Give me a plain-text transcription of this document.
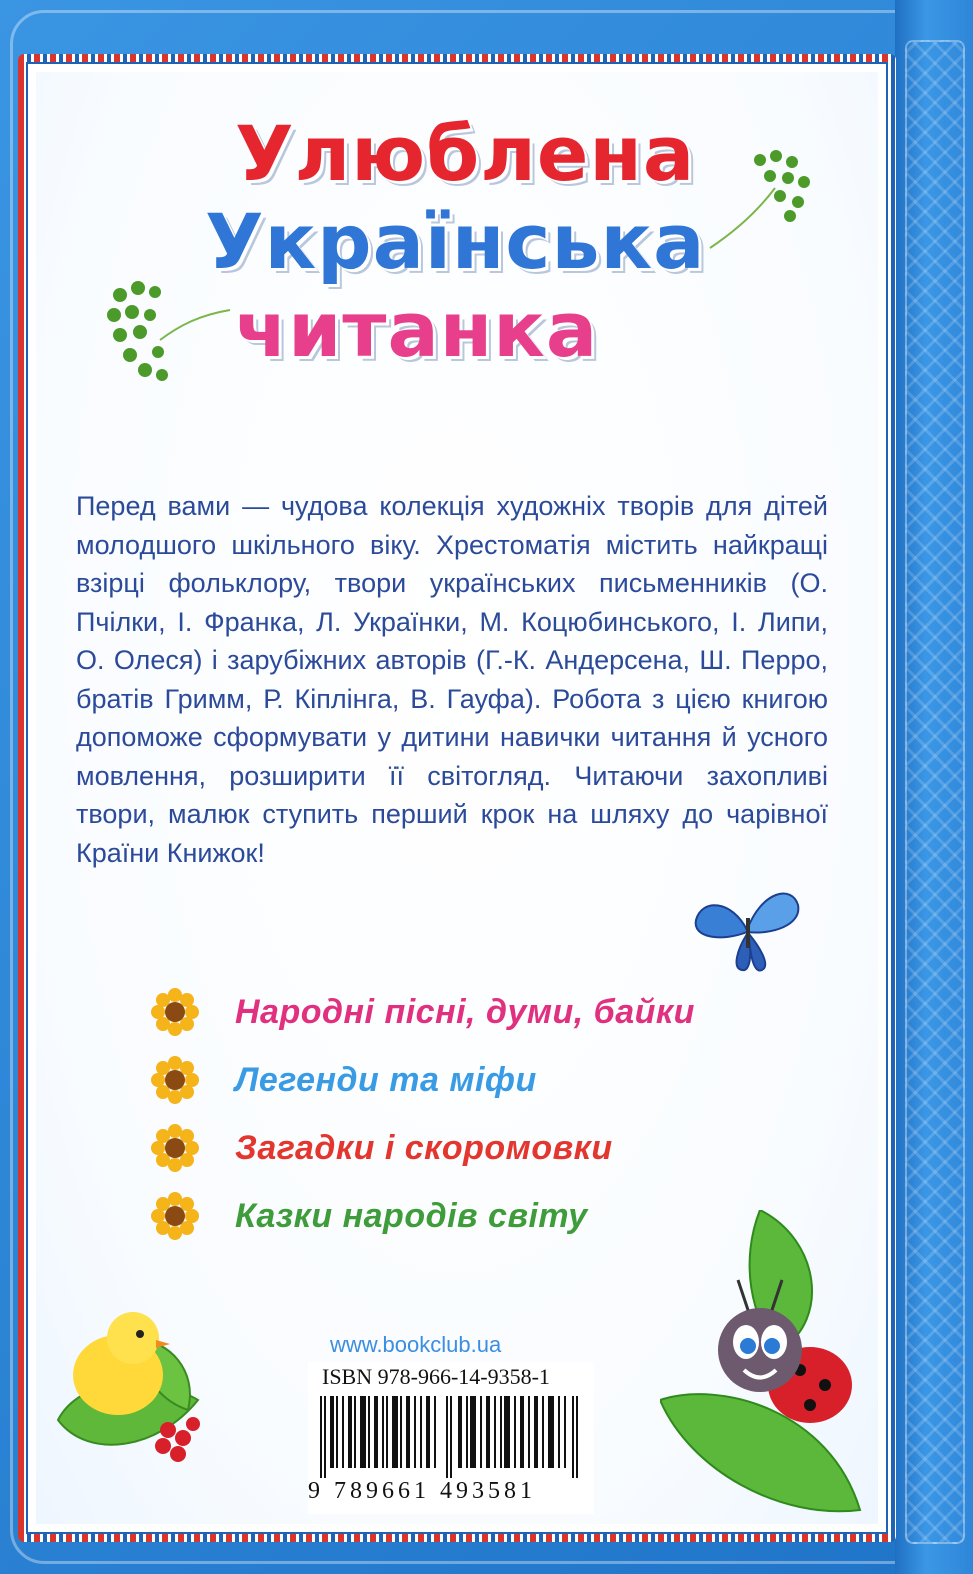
Улюблена
Українська
читанка

Перед вами — чудова колекція художніх творів для дітей молодшого шкільного віку. Хрестоматія містить найкращі взірці фольклору, твори українських письменників (О. Пчілки, І. Франка, Л. Українки, М. Коцюбинського, І. Липи, О. Олеся) і зарубіжних авторів (Г.-К. Андерсена, Ш. Перро, братів Гримм, Р. Кіплінга, В. Гауфа). Робота з цією книгою допоможе сформувати у дитини навички читання й усного мовлення, розширити її світогляд. Читаючи захопливі твори, малюк ступить перший крок на шляху до чарівної Країни Книжок!

Народні пісні, думи, байки
Легенди та міфи
Загадки і скоромовки
Казки народів світу
www.bookclub.ua
ISBN 978-966-14-9358-1
9 789661 493581
